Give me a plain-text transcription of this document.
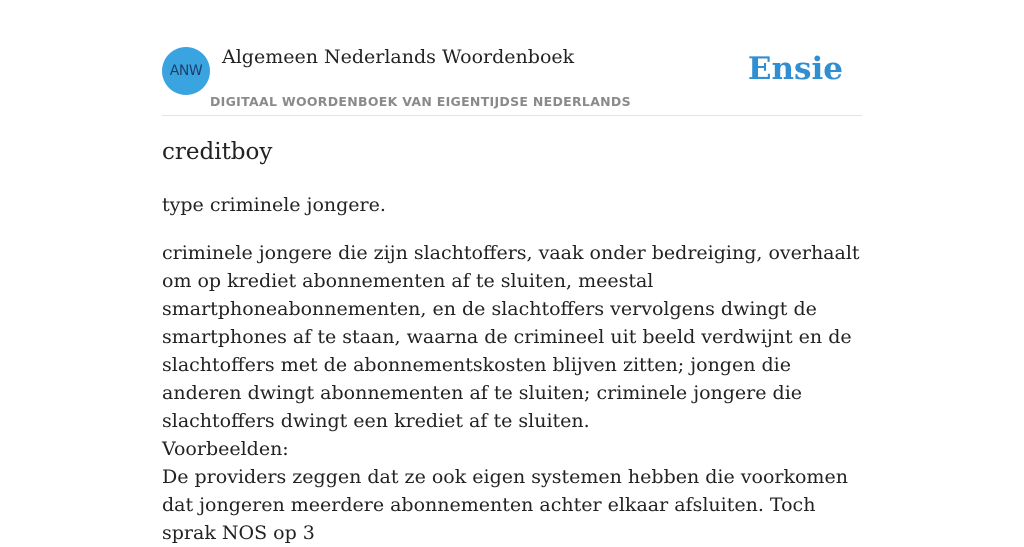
ANW
Algemeen Nederlands Woordenboek
DIGITAAL WOORDENBOEK VAN EIGENTIJDSE NEDERLANDS
Ensie
creditboy

type criminele jongere.

criminele jongere die zijn slachtoffers, vaak onder bedreiging, overhaalt om op krediet abonnementen af te sluiten, meestal smartphoneabonnementen, en de slachtoffers vervolgens dwingt de smartphones af te staan, waarna de crimineel uit beeld verdwijnt en de slachtoffers met de abonnementskosten blijven zitten; jongen die anderen dwingt abonnementen af te sluiten; criminele jongere die slachtoffers dwingt een krediet af te sluiten.

Voorbeelden:

De providers zeggen dat ze ook eigen systemen hebben die voorkomen dat jongeren meerdere abonnementen achter elkaar afsluiten. Toch sprak NOS op 3
